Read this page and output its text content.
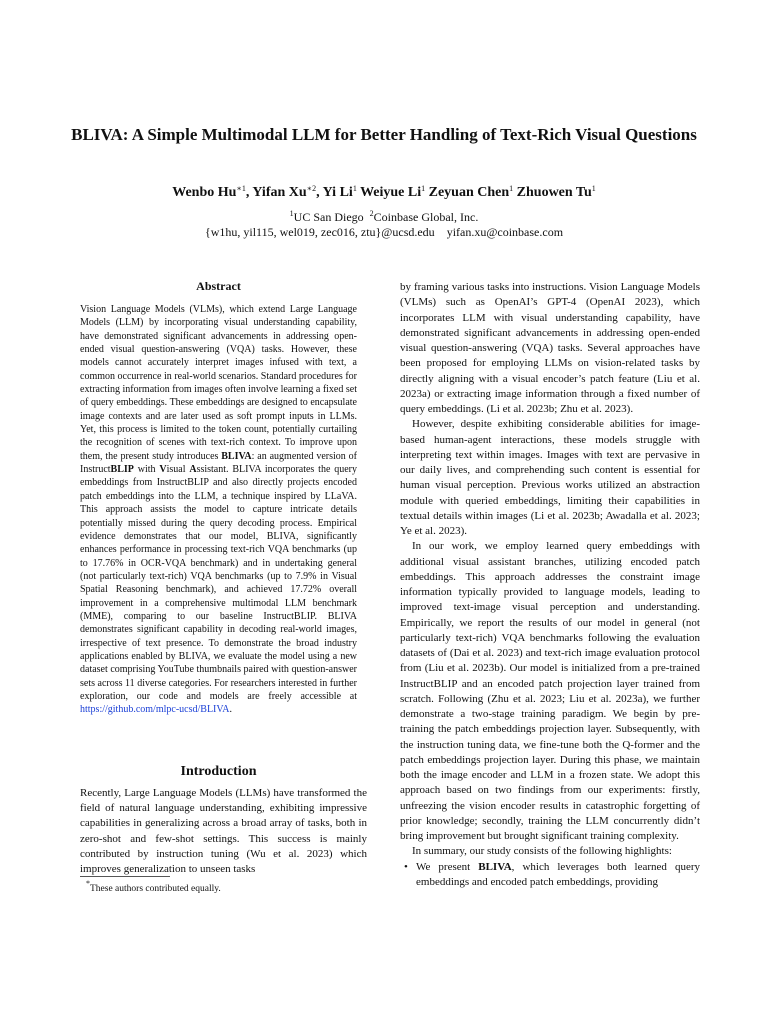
BLIVA: A Simple Multimodal LLM for Better Handling of Text-Rich Visual Questions
Wenbo $Hu^{∗1}$, Yifan $Xu^{∗2}$, Yi Li$^1$ Weiyue Li$^1$ Zeyuan Chen$^1$ Zhuowen Tu$^1$
$^1$UC San Diego $^2$Coinbase Global, Inc.
{w1hu, yil115, wel019, zec016, ztu}@ucsd.edu yifan.xu@coinbase.com
Abstract

Vision Language Models (VLMs), which extend Large Language Models (LLM) by incorporating visual understanding capability, have demonstrated significant advancements in addressing open-ended visual question-answering (VQA) tasks. However, these models cannot accurately interpret images infused with text, a common occurrence in real-world scenarios. Standard procedures for extracting information from images often involve learning a fixed set of query embeddings. These embeddings are designed to encapsulate image contexts and are later used as soft prompt inputs in LLMs. Yet, this process is limited to the token count, potentially curtailing the recognition of scenes with text-rich context. To improve upon them, the present study introduces BLIVA: an augmented version of InstructBLIP with Visual Assistant. BLIVA incorporates the query embeddings from InstructBLIP and also directly projects encoded patch embeddings into the LLM, a technique inspired by LLaVA. This approach assists the model to capture intricate details potentially missed during the query decoding process. Empirical evidence demonstrates that our model, BLIVA, significantly enhances performance in processing text-rich VQA benchmarks (up to 17.76% in OCR-VQA benchmark) and in undertaking general (not particularly text-rich) VQA benchmarks (up to 7.9% in Visual Spatial Reasoning benchmark), and achieved 17.72% overall improvement in a comprehensive multimodal LLM benchmark (MME), comparing to our baseline InstructBLIP. BLIVA demonstrates significant capability in decoding real-world images, irrespective of text presence. To demonstrate the broad industry applications enabled by BLIVA, we evaluate the model using a new dataset comprising YouTube thumbnails paired with question-answer sets across 11 diverse categories. For researchers interested in further exploration, our code and models are freely accessible at https://github.com/mlpc-ucsd/BLIVA.

Introduction

Recently, Large Language Models (LLMs) have transformed the field of natural language understanding, exhibiting impressive capabilities in generalizing across a broad array of tasks, both in zero-shot and few-shot settings. This success is mainly contributed by instruction tuning (Wu et al. 2023) which improves generalization to unseen tasks

*These authors contributed equally.

by framing various tasks into instructions. Vision Language Models (VLMs) such as OpenAI’s GPT-4 (OpenAI 2023), which incorporates LLM with visual understanding capability, have demonstrated significant advancements in addressing open-ended visual question-answering (VQA) tasks. Several approaches have been proposed for employing LLMs on vision-related tasks by directly aligning with a visual encoder’s patch feature (Liu et al. 2023a) or extracting image information through a fixed number of query embeddings. (Li et al. 2023b; Zhu et al. 2023).

However, despite exhibiting considerable abilities for image-based human-agent interactions, these models struggle with interpreting text within images. Images with text are pervasive in our daily lives, and comprehending such content is essential for human visual perception. Previous works utilized an abstraction module with queried embeddings, limiting their capabilities in textual details within images (Li et al. 2023b; Awadalla et al. 2023; Ye et al. 2023).

In our work, we employ learned query embeddings with additional visual assistant branches, utilizing encoded patch embeddings. This approach addresses the constraint image information typically provided to language models, leading to improved text-image visual perception and understanding. Empirically, we report the results of our model in general (not particularly text-rich) VQA benchmarks following the evaluation datasets of (Dai et al. 2023) and text-rich image evaluation protocol from (Liu et al. 2023b). Our model is initialized from a pre-trained InstructBLIP and an encoded patch projection layer trained from scratch. Following (Zhu et al. 2023; Liu et al. 2023a), we further demonstrate a two-stage training paradigm. We begin by pre-training the patch embeddings projection layer. Subsequently, with the instruction tuning data, we fine-tune both the Q-former and the patch embeddings projection layer. During this phase, we maintain both the image encoder and LLM in a frozen state. We adopt this approach based on two findings from our experiments: firstly, unfreezing the vision encoder results in catastrophic forgetting of prior knowledge; secondly, training the LLM concurrently didn’t bring improvement but brought significant training complexity.

In summary, our study consists of the following highlights:

• We present BLIVA, which leverages both learned query embeddings and encoded patch embeddings, providing
